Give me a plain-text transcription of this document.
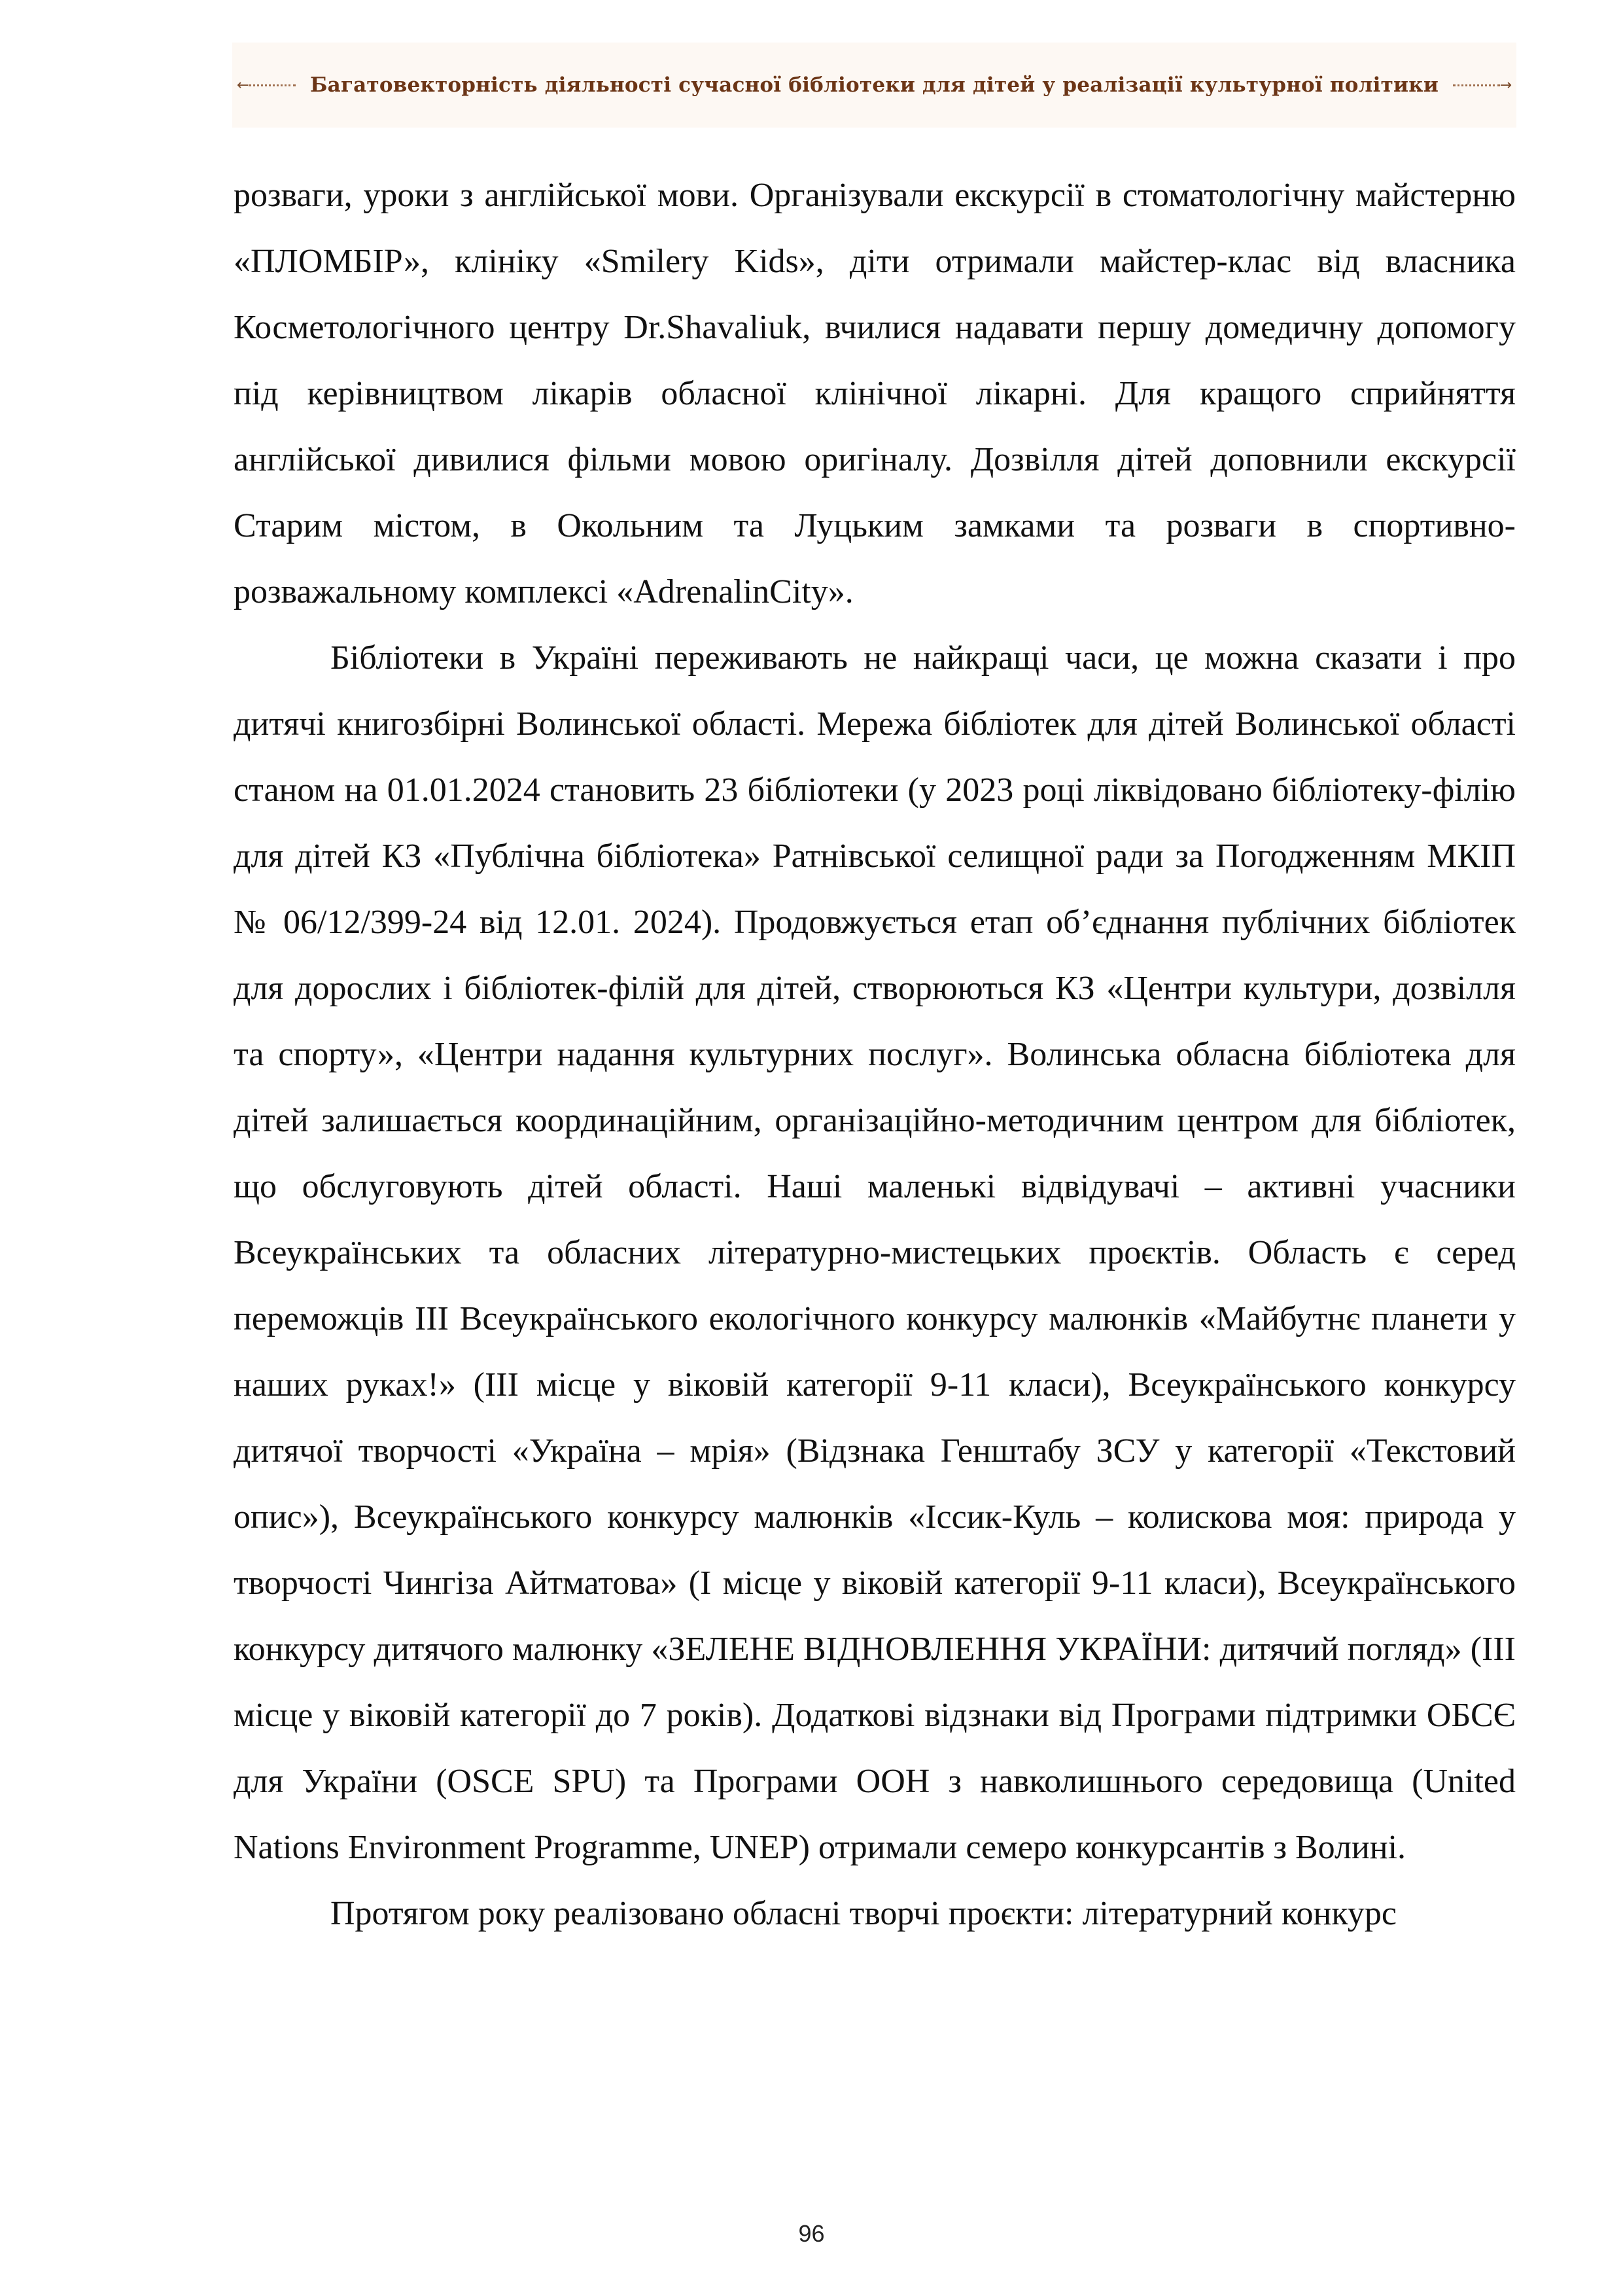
←	Багатовекторність діяльності сучасної бібліотеки для дітей у реалізації культурної політики	→

розваги, уроки з англійської мови. Організували екскурсії в стоматологічну майстерню «ПЛОМБІР», клініку «Smilery Kids», діти отримали майстер-клас від власника Косметологічного центру Dr.Shavaliuk, вчилися надавати першу домедичну допомогу під керівництвом лікарів обласної клінічної лікарні. Для кращого сприйняття англійської дивилися фільми мовою оригіналу. Дозвілля дітей доповнили екскурсії Старим містом, в Окольним та Луцьким замками та розваги в спортивно-розважальному комплексі «AdrenalinCity».

Бібліотеки в Україні переживають не найкращі часи, це можна сказати і про дитячі книгозбірні Волинської області. Мережа бібліотек для дітей Волинської області станом на 01.01.2024 становить 23 бібліотеки (у 2023 році ліквідовано бібліотеку-філію для дітей КЗ «Публічна бібліотека» Ратнівської селищної ради за Погодженням МКІП № 06/12/399-24 від 12.01. 2024). Продовжується етап об’єднання публічних бібліотек для дорослих і бібліотек-філій для дітей, створюються КЗ «Центри культури, дозвілля та спорту», «Центри надання культурних послуг». Волинська обласна бібліотека для дітей залишається координаційним, організаційно-методичним центром для бібліотек, що обслуговують дітей області. Наші маленькі відвідувачі – активні учасники Всеукраїнських та обласних літературно-мистецьких проєктів. Область є серед переможців ІІІ Всеукраїнського екологічного конкурсу малюнків «Майбутнє планети у наших руках!» (ІІІ місце у віковій категорії 9-11 класи), Всеукраїнського конкурсу дитячої творчості «Україна – мрія» (Відзнака Генштабу ЗСУ у категорії «Текстовий опис»), Всеукраїнського конкурсу малюнків «Іссик-Куль – колискова моя: природа у творчості Чингіза Айтматова» (І місце у віковій категорії 9-11 класи), Всеукраїнського конкурсу дитячого малюнку «ЗЕЛЕНЕ ВІДНОВЛЕННЯ УКРАЇНИ: дитячий погляд» (ІІІ місце у віковій категорії до 7 років). Додаткові відзнаки від Програми підтримки ОБСЄ для України (OSCE SPU) та Програми ООН з навколишнього середовища (United Nations Environment Programme, UNEP) отримали семеро конкурсантів з Волині.

Протягом року реалізовано обласні творчі проєкти: літературний конкурс

96
